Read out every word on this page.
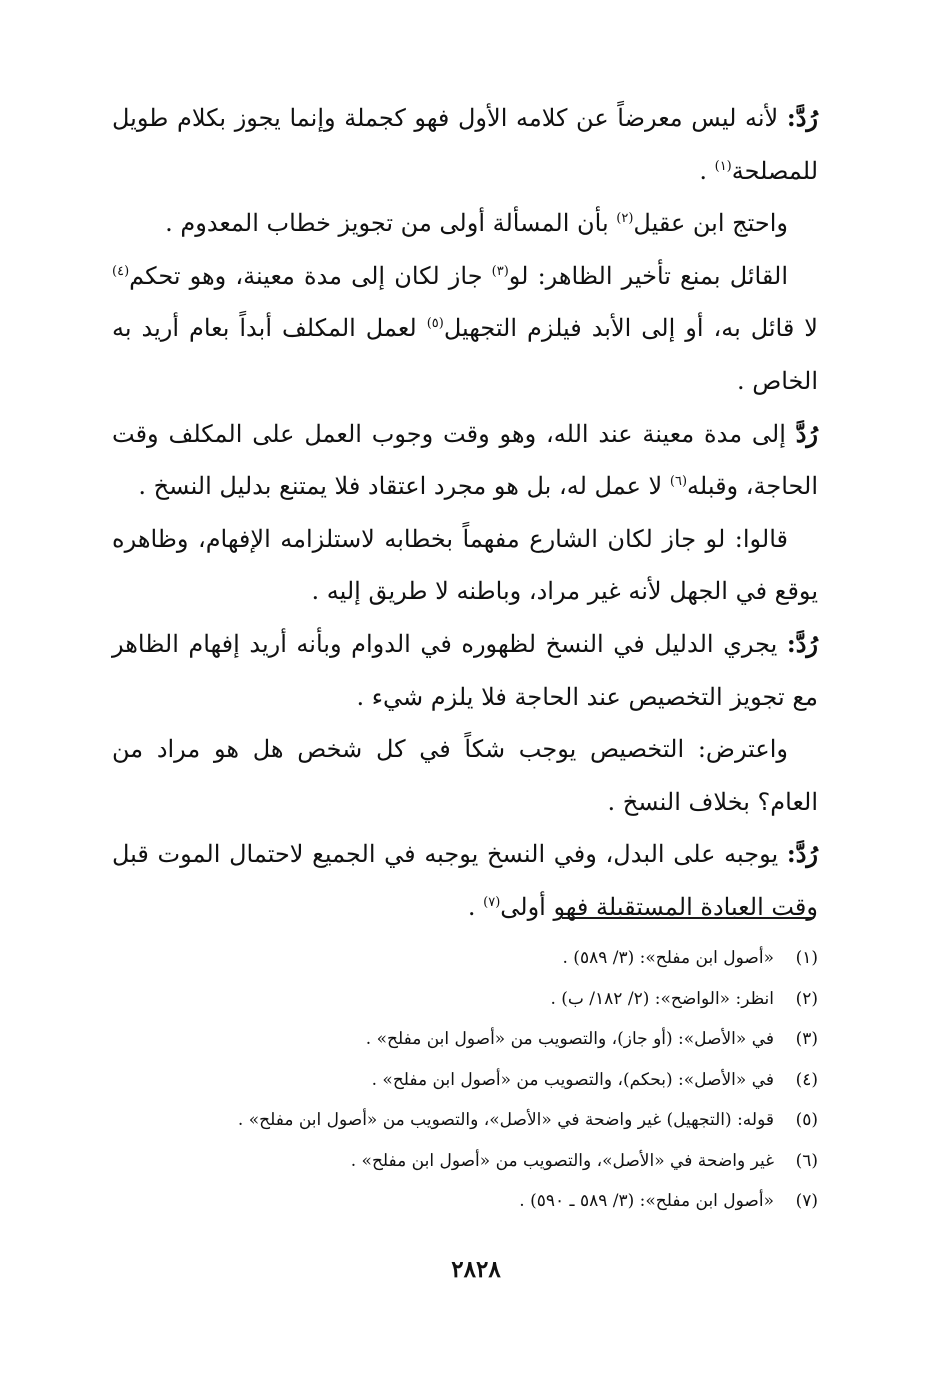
رُدَّ: لأنه ليس معرضاً عن كلامه الأول فهو كجملة وإنما يجوز بكلام طويل للمصلحة$^{(١)}$ .

واحتج ابن عقيل$^{(٢)}$ بأن المسألة أولى من تجويز خطاب المعدوم .

القائل بمنع تأخير الظاهر: لو$^{(٣)}$ جاز لكان إلى مدة معينة، وهو تحكم$^{(٤)}$ لا قائل به، أو إلى الأبد فيلزم التجهيل$^{(٥)}$ لعمل المكلف أبداً بعام أريد به الخاص .

رُدَّ إلى مدة معينة عند الله، وهو وقت وجوب العمل على المكلف وقت الحاجة، وقبله$^{(٦)}$ لا عمل له، بل هو مجرد اعتقاد فلا يمتنع بدليل النسخ .

قالوا: لو جاز لكان الشارع مفهماً بخطابه لاستلزامه الإفهام، وظاهره يوقع في الجهل لأنه غير مراد، وباطنه لا طريق إليه .

رُدَّ: يجري الدليل في النسخ لظهوره في الدوام وبأنه أريد إفهام الظاهر مع تجويز التخصيص عند الحاجة فلا يلزم شيء .

واعترض: التخصيص يوجب شكاً في كل شخص هل هو مراد من العام؟ بخلاف النسخ .

رُدَّ: يوجبه على البدل، وفي النسخ يوجبه في الجميع لاحتمال الموت قبل وقت العبادة المستقبلة فهو أولى$^{(٧)}$ .

(١)«أصول ابن مفلح»: (٣/ ٥٨٩) .

(٢)انظر: «الواضح»: (٢/ ١٨٢/ ب) .

(٣)في «الأصل»: (أو جاز)، والتصويب من «أصول ابن مفلح» .

(٤)في «الأصل»: (بحكم)، والتصويب من «أصول ابن مفلح» .

(٥)قوله: (التجهيل) غير واضحة في «الأصل»، والتصويب من «أصول ابن مفلح» .

(٦)غير واضحة في «الأصل»، والتصويب من «أصول ابن مفلح» .

(٧)«أصول ابن مفلح»: (٣/ ٥٨٩ ـ ٥٩٠) .

٢٨٢٨
